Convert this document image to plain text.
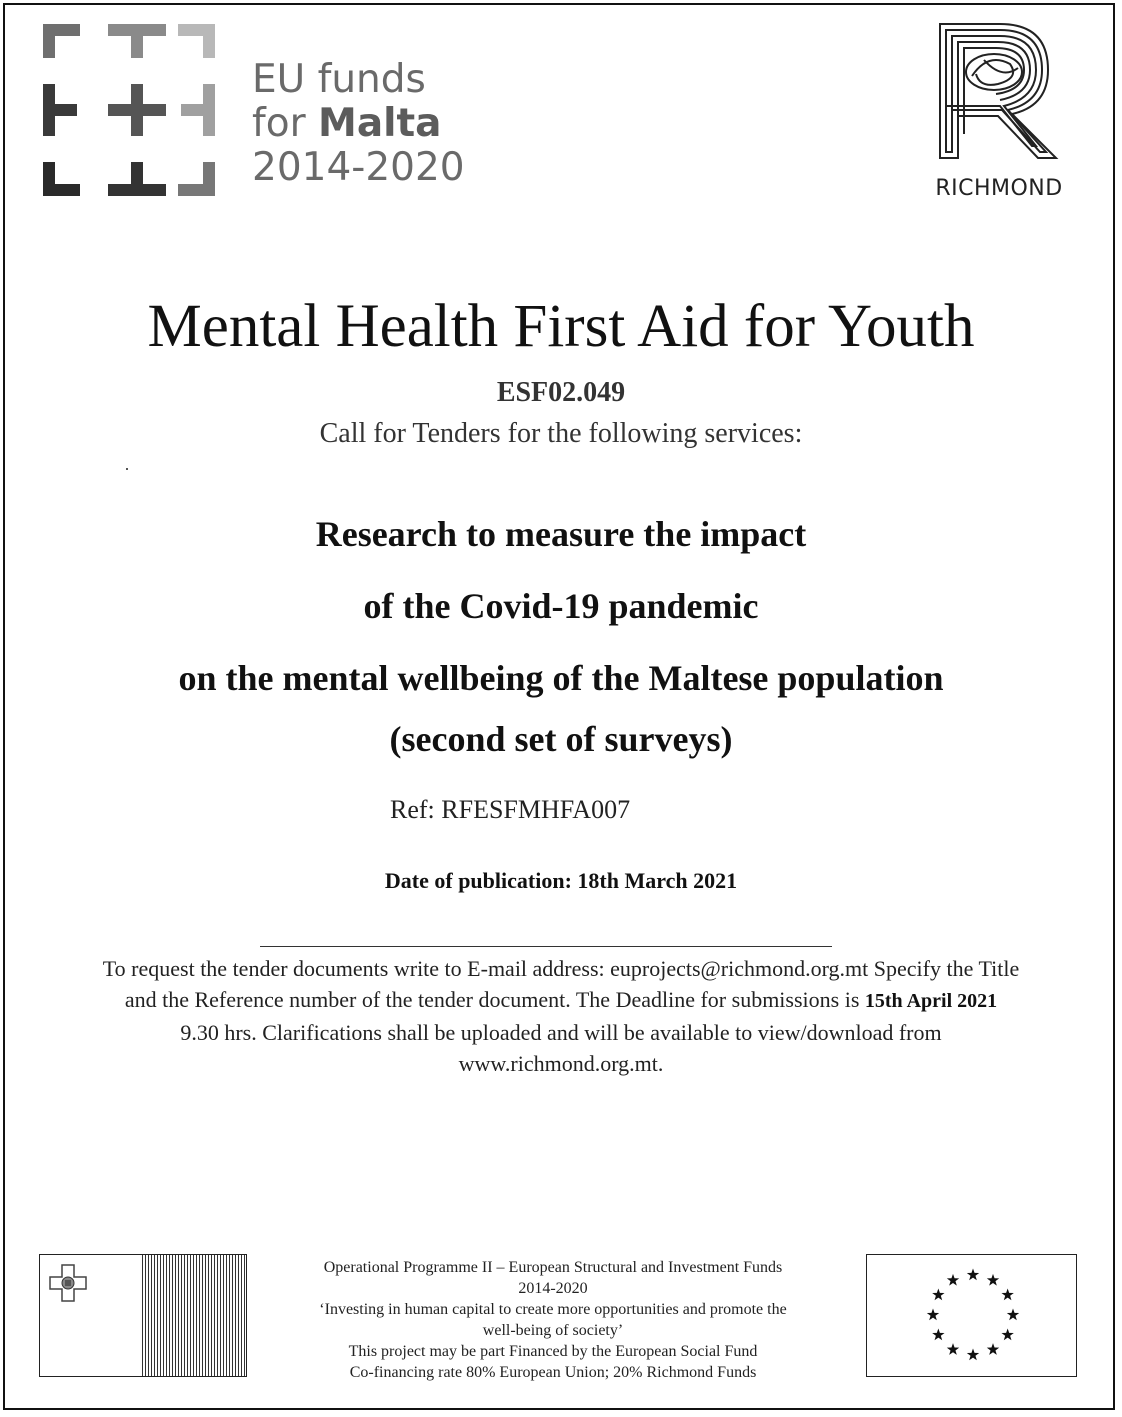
EU funds
for Malta
2014-2020	RICHMOND
Mental Health First Aid for Youth
ESF02.049
Call for Tenders for the following services:
Research to measure the impact
of the Covid-19 pandemic
on the mental wellbeing of the Maltese population
(second set of surveys)
Ref: RFESFMHFA007
Date of publication: 18th March 2021
To request the tender documents write to E-mail address: euprojects@richmond.org.mt Specify the Title
and the Reference number of the tender document. The Deadline for submissions is 15th April 2021
9.30 hrs. Clarifications shall be uploaded and will be available to view/download from
www.richmond.org.mt.
Operational Programme II – European Structural and Investment Funds
2014-2020
‘Investing in human capital to create more opportunities and promote the
well-being of society’
This project may be part Financed by the European Social Fund
Co-financing rate 80% European Union; 20% Richmond Funds
